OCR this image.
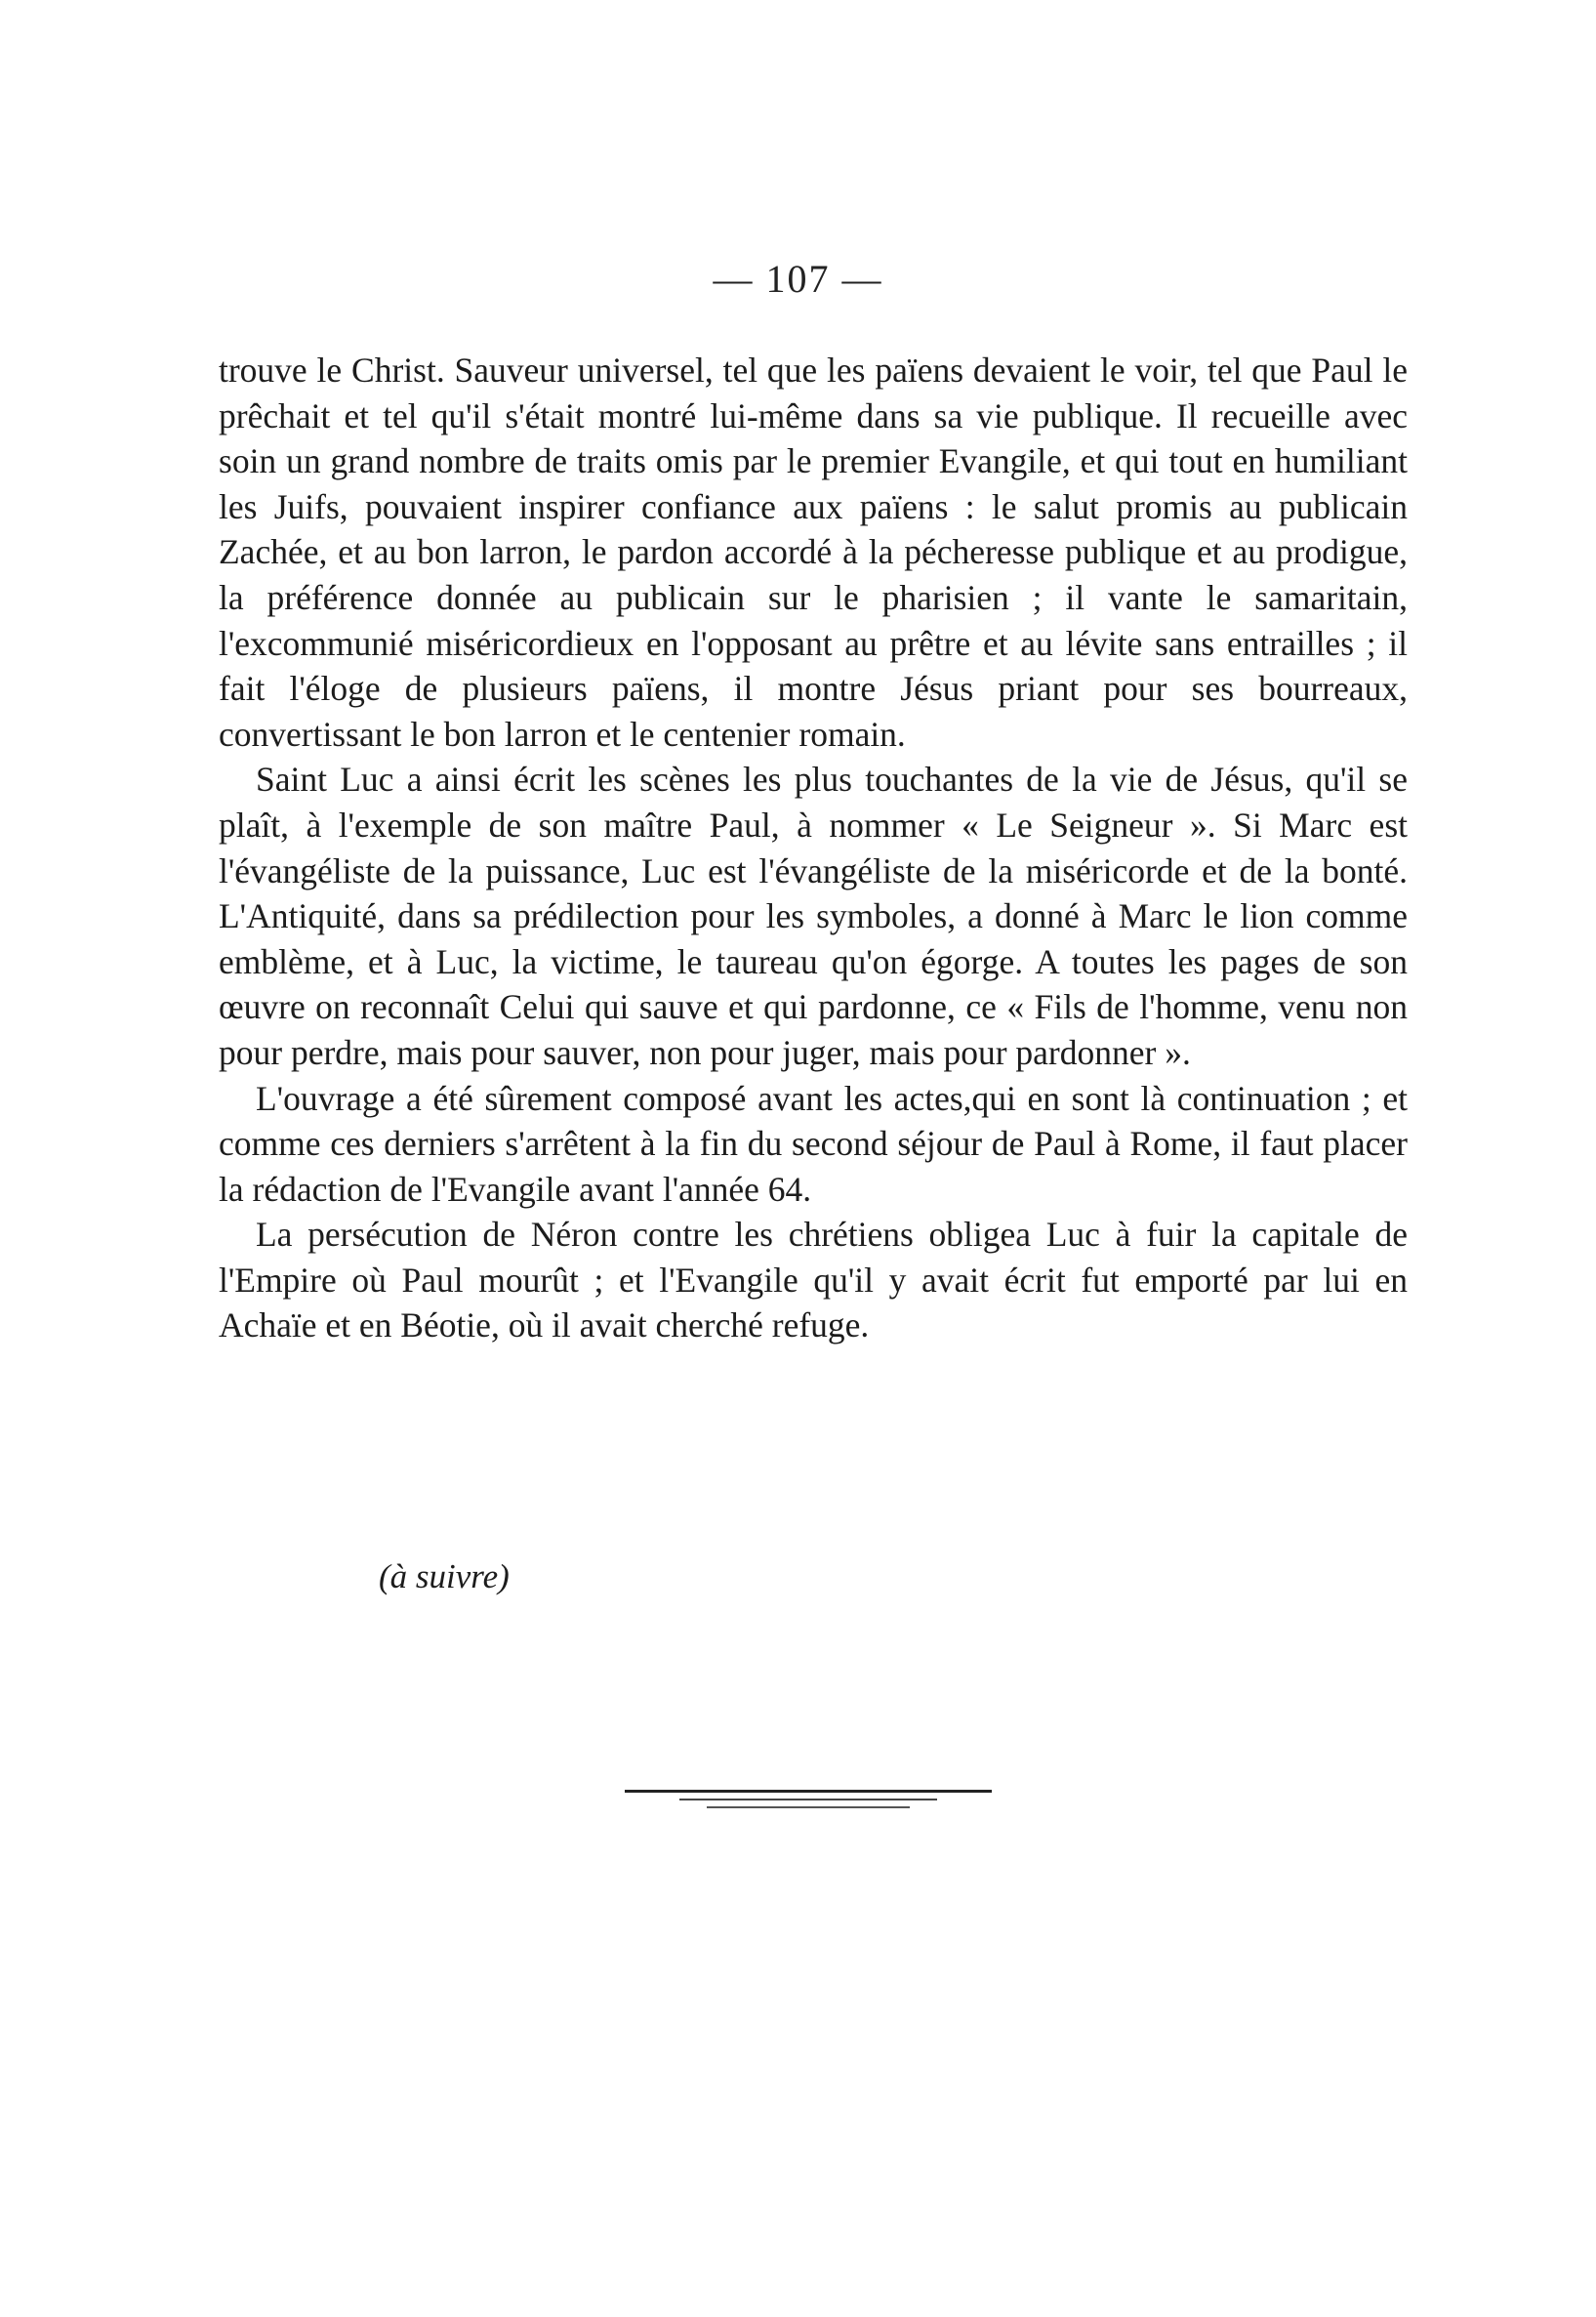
— 107 —

trouve le Christ. Sauveur universel, tel que les païens devaient le voir, tel que Paul le prêchait et tel qu'il s'était montré lui-même dans sa vie publique. Il recueille avec soin un grand nombre de traits omis par le premier Evangile, et qui tout en humiliant les Juifs, pouvaient inspirer confiance aux païens : le salut promis au publicain Zachée, et au bon larron, le pardon accordé à la pécheresse publique et au prodigue, la préférence donnée au publicain sur le pharisien ; il vante le samaritain, l'excommunié miséricordieux en l'opposant au prêtre et au lévite sans entrailles ; il fait l'éloge de plusieurs païens, il montre Jésus priant pour ses bourreaux, convertissant le bon larron et le centenier romain.

Saint Luc a ainsi écrit les scènes les plus touchantes de la vie de Jésus, qu'il se plaît, à l'exemple de son maître Paul, à nommer « Le Seigneur ». Si Marc est l'évangéliste de la puissance, Luc est l'évangéliste de la miséricorde et de la bonté. L'Antiquité, dans sa prédilection pour les symboles, a donné à Marc le lion comme emblème, et à Luc, la victime, le taureau qu'on égorge. A toutes les pages de son œuvre on reconnaît Celui qui sauve et qui pardonne, ce « Fils de l'homme, venu non pour perdre, mais pour sauver, non pour juger, mais pour pardonner ».

L'ouvrage a été sûrement composé avant les actes,qui en sont là continuation ; et comme ces derniers s'arrêtent à la fin du second séjour de Paul à Rome, il faut placer la rédaction de l'Evangile avant l'année 64.

La persécution de Néron contre les chrétiens obligea Luc à fuir la capitale de l'Empire où Paul mourût ; et l'Evangile qu'il y avait écrit fut emporté par lui en Achaïe et en Béotie, où il avait cherché refuge.

(à suivre)
